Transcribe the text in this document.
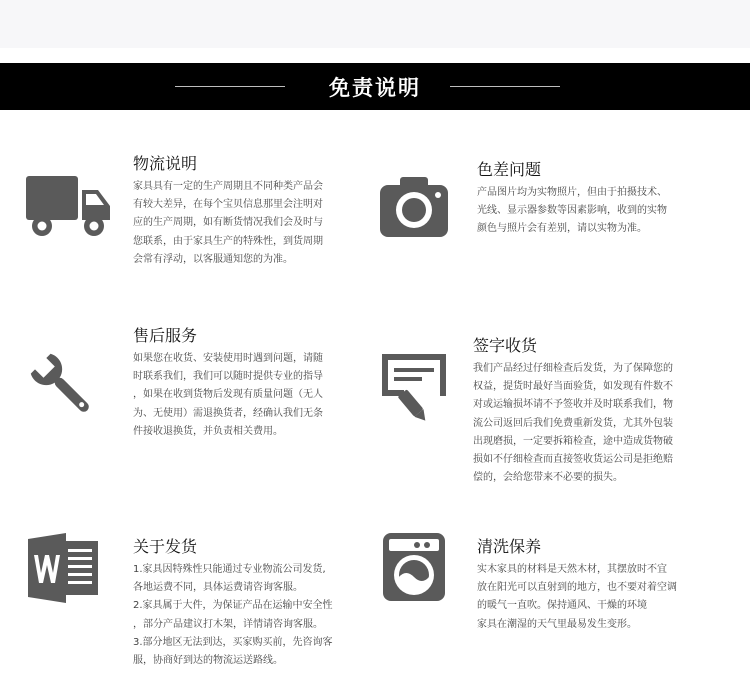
免责说明
物流说明
家具具有一定的生产周期且不同种类产品会
有较大差异，在每个宝贝信息那里会注明对
应的生产周期，如有断货情况我们会及时与
您联系，由于家具生产的特殊性，到货周期
会常有浮动，以客服通知您的为准。
色差问题
产品图片均为实物照片，但由于拍摄技术、
光线、显示器参数等因素影响，收到的实物
颜色与照片会有差别，请以实物为准。
售后服务
如果您在收货、安装使用时遇到问题，请随
时联系我们，我们可以随时提供专业的指导
，如果在收到货物后发现有质量问题（无人
为、无使用）需退换货者，经确认我们无条
件接收退换货，并负责相关费用。
签字收货
我们产品经过仔细检查后发货，为了保障您的
权益，提货时最好当面验货，如发现有件数不
对或运输损坏请不予签收并及时联系我们，物
流公司返回后我们免费重新发货，尤其外包装
出现磨损，一定要拆箱检查，途中造成货物破
损如不仔细检查而直接签收货运公司是拒绝赔
偿的，会给您带来不必要的损失。
关于发货
1.家具因特殊性只能通过专业物流公司发货,
各地运费不同，具体运费请咨询客服。
2.家具属于大件，为保证产品在运输中安全性
，部分产品建议打木架，详情请咨询客服。
3.部分地区无法到达，买家购买前，先咨询客
服，协商好到达的物流运送路线。
清洗保养
实木家具的材料是天然木材，其摆放时不宜
放在阳光可以直射到的地方，也不要对着空调
的暖气一直吹。保持通风、干燥的环境
家具在潮湿的天气里最易发生变形。
